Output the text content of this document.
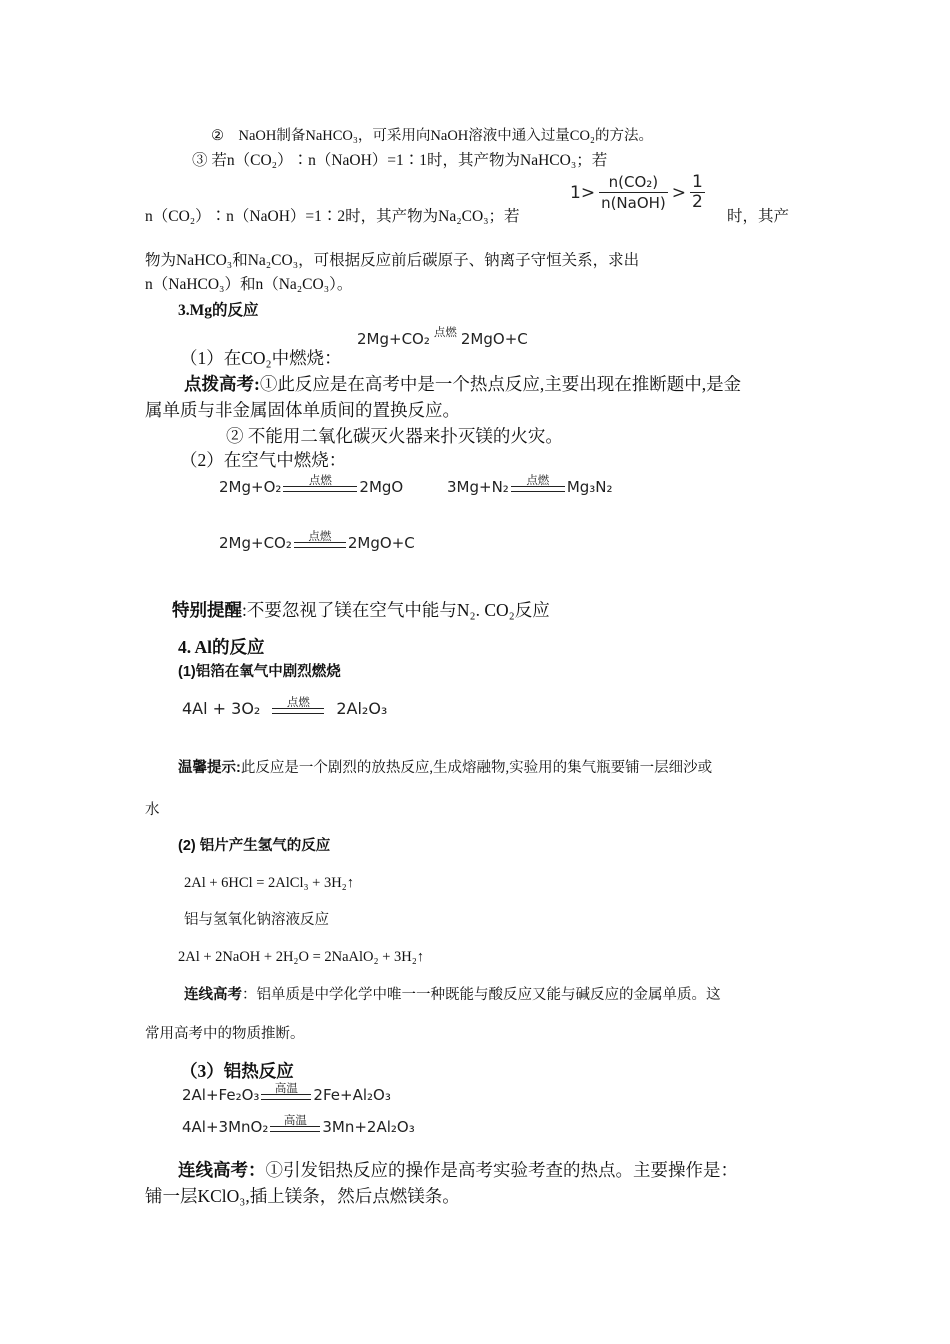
②　NaOH制备NaHCO₃，可采用向NaOH溶液中通入过量CO₂的方法。
③ 若n（CO₂）∶n（NaOH）=1∶1时，其产物为NaHCO₃；若
$1> \frac{\text{n(CO₂)}}{\text{n(NaOH)}} > \frac{1}{2}$
n（CO₂）∶n（NaOH）=1∶2时，其产物为Na₂CO₃；若	时，其产
物为NaHCO₃和Na₂CO₃，可根据反应前后碳原子、钠离子守恒关系，求出
n（NaHCO₃）和n（Na₂CO₃）。
3.Mg的反应
（1）在CO₂中燃烧：
2Mg+CO₂ 点燃 2MgO+C
点拨高考:①此反应是在高考中是一个热点反应,主要出现在推断题中,是金
属单质与非金属固体单质间的置换反应。
② 不能用二氧化碳灭火器来扑灭镁的火灾。
（2）在空气中燃烧：
2Mg+O₂ 点燃 2MgO	3Mg+N₂ 点燃 Mg₃N₂
2Mg+CO₂ 点燃 2MgO+C
特别提醒:不要忽视了镁在空气中能与N₂. CO₂反应
4. Al的反应
(1)铝箔在氧气中剧烈燃烧
4Al + 3O₂ 点燃 2Al₂O₃
温馨提示:此反应是一个剧烈的放热反应,生成熔融物,实验用的集气瓶要铺一层细沙或
水
(2) 铝片产生氢气的反应
2Al + 6HCl = 2AlCl₃ + 3H₂↑
铝与氢氧化钠溶液反应
2Al + 2NaOH + 2H₂O = 2NaAlO₂ + 3H₂↑
连线高考：铝单质是中学化学中唯一一种既能与酸反应又能与碱反应的金属单质。这
常用高考中的物质推断。
（3）铝热反应
2Al+Fe₂O₃ 高温 2Fe+Al₂O₃
4Al+3MnO₂ 高温 3Mn+2Al₂O₃
连线高考：①引发铝热反应的操作是高考实验考查的热点。主要操作是：
铺一层KClO₃,插上镁条，然后点燃镁条。
